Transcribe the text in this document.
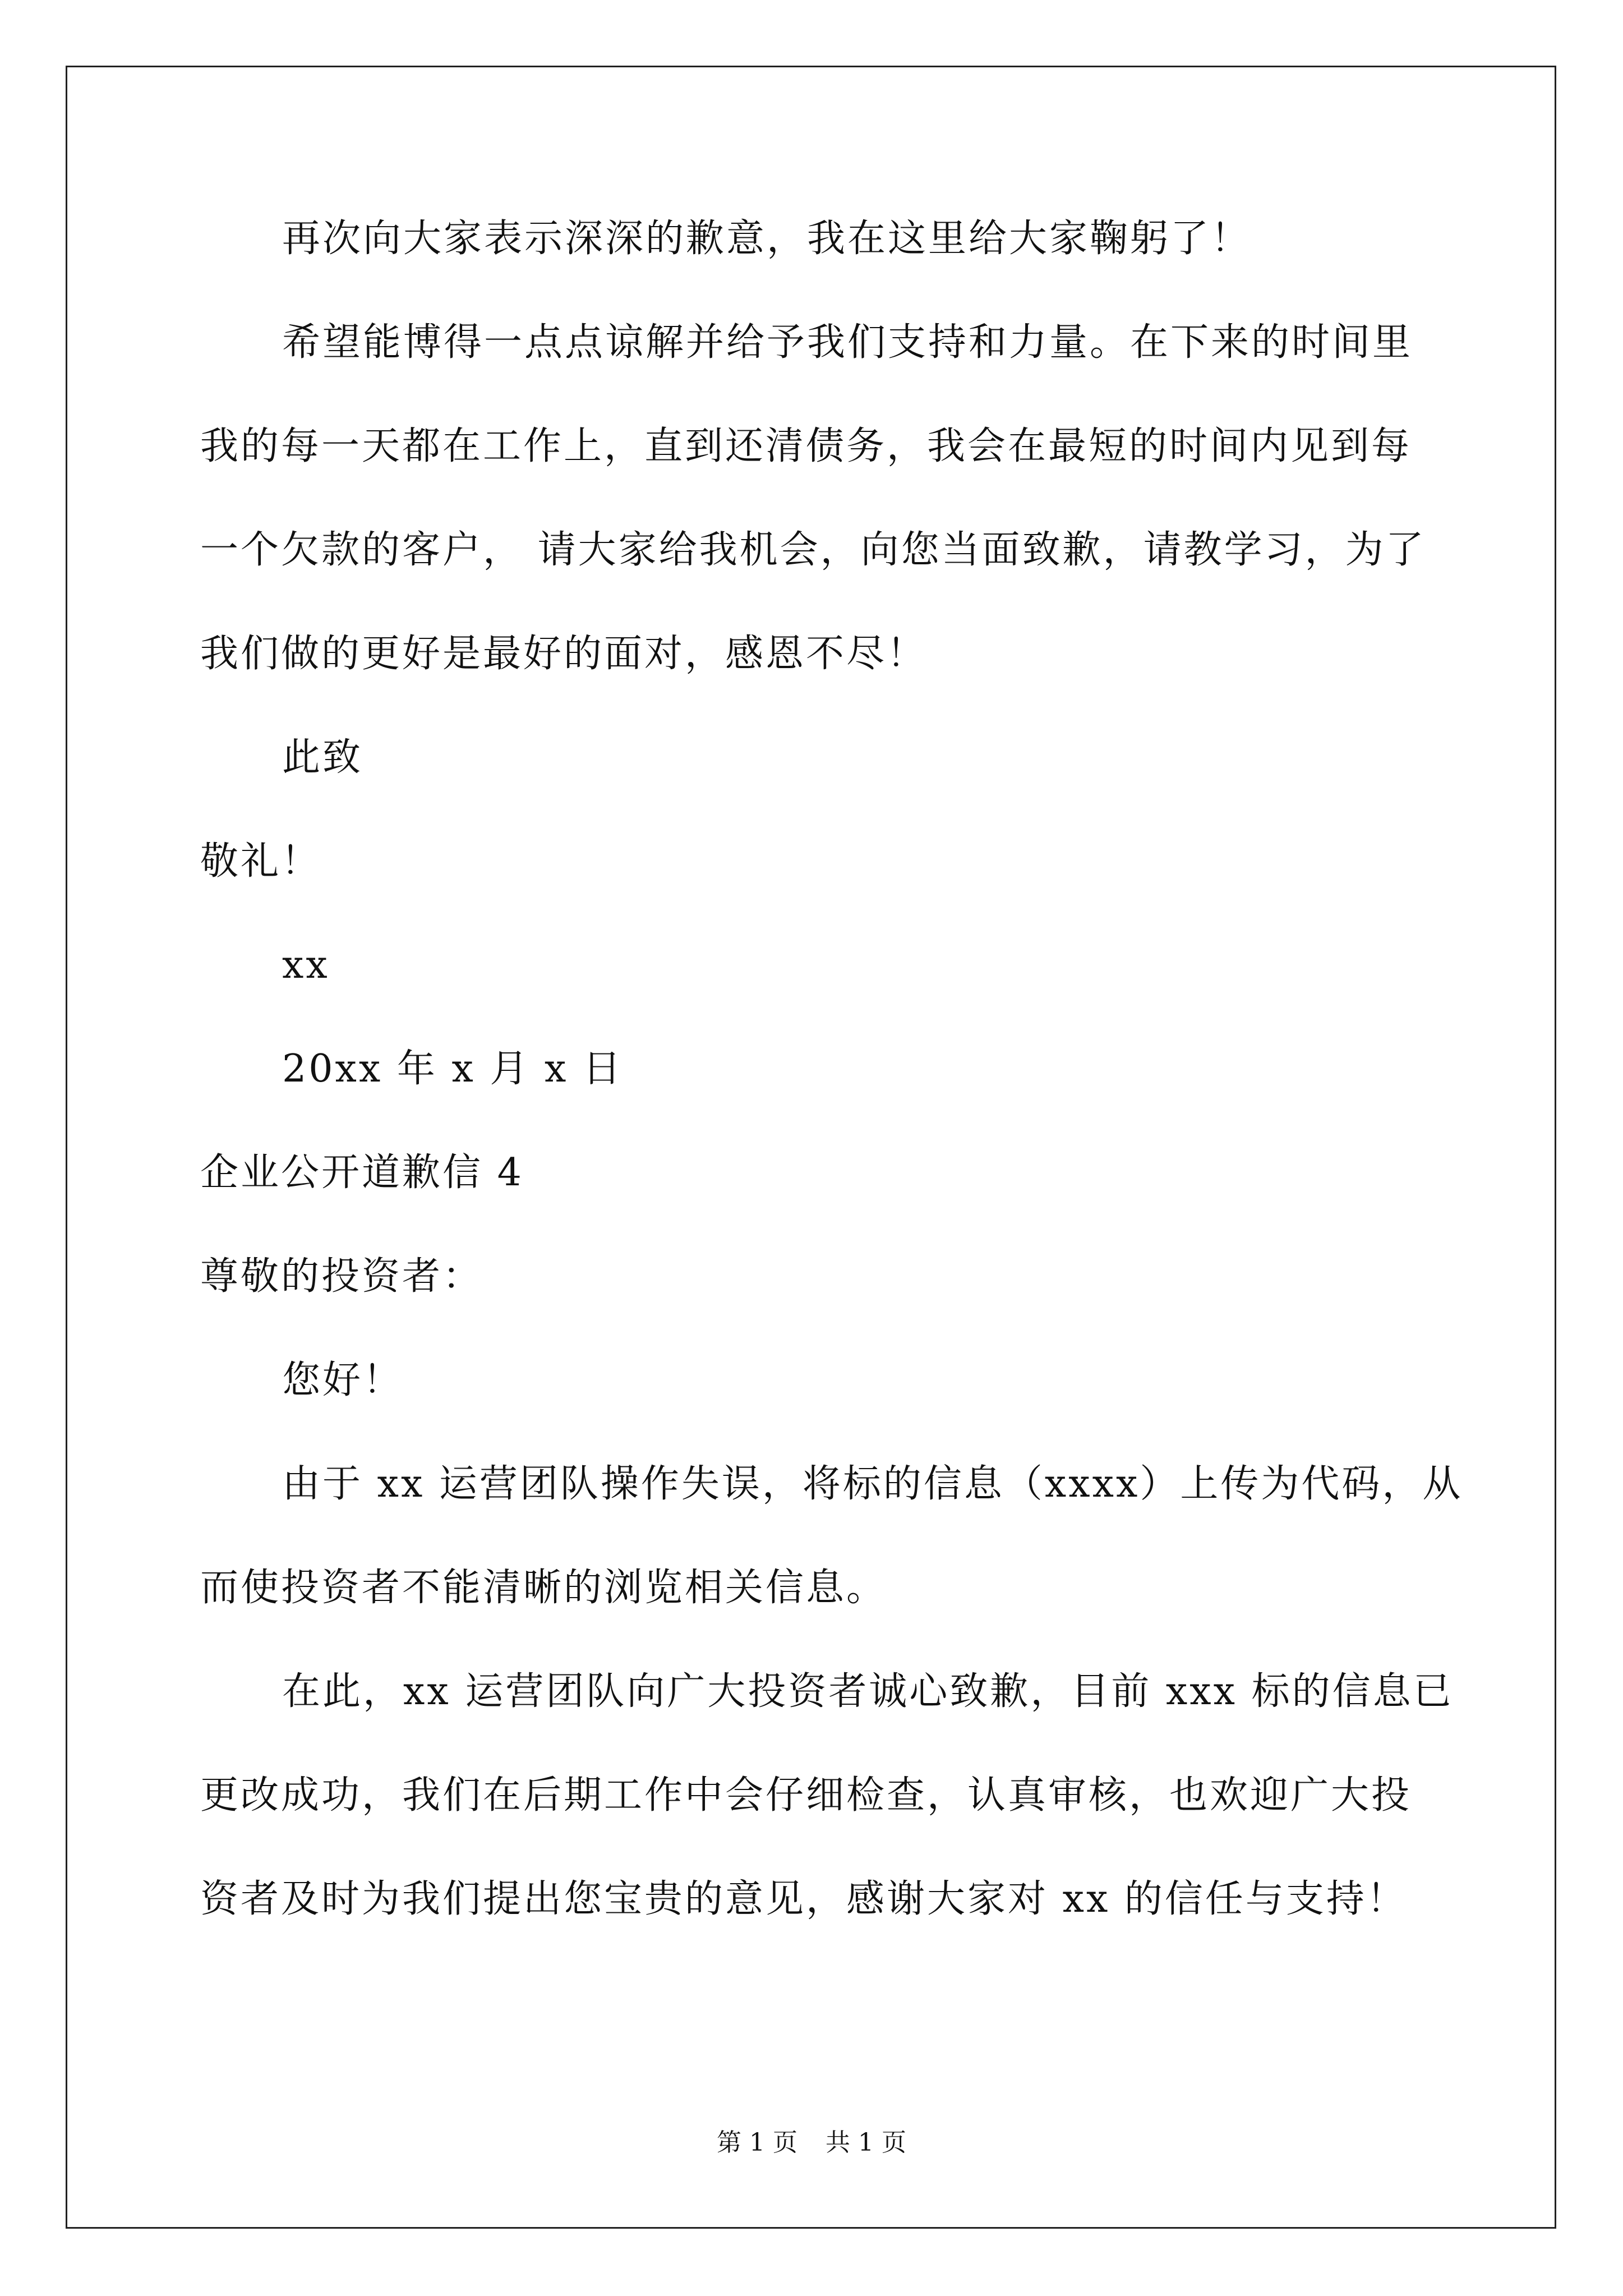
再次向大家表示深深的歉意，我在这里给大家鞠躬了！
希望能博得一点点谅解并给予我们支持和力量。在下来的时间里
我的每一天都在工作上，直到还清债务，我会在最短的时间内见到每
一个欠款的客户， 请大家给我机会，向您当面致歉，请教学习，为了
我们做的更好是最好的面对，感恩不尽！
此致
敬礼！
xx
20xx 年 x 月 x 日
企业公开道歉信 4
尊敬的投资者：
您好！
由于 xx 运营团队操作失误，将标的信息（xxxx）上传为代码，从
而使投资者不能清晰的浏览相关信息。
在此，xx 运营团队向广大投资者诚心致歉，目前 xxx 标的信息已
更改成功，我们在后期工作中会仔细检查，认真审核，也欢迎广大投
资者及时为我们提出您宝贵的意见，感谢大家对 xx 的信任与支持！
第 1 页 共 1 页
